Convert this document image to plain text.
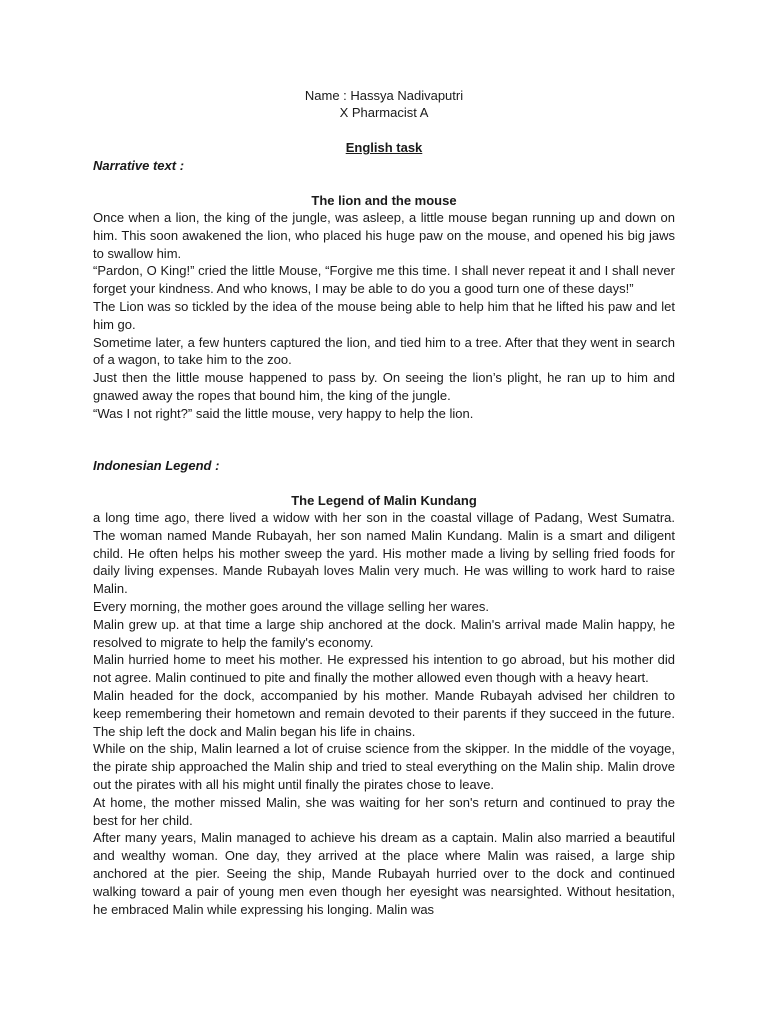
Name : Hassya Nadivaputri
X Pharmacist A
English task
Narrative text :
The lion and the mouse
Once when a lion, the king of the jungle, was asleep, a little mouse began running up and down on him. This soon awakened the lion, who placed his huge paw on the mouse, and opened his big jaws to swallow him.
“Pardon, O King!” cried the little Mouse, “Forgive me this time. I shall never repeat it and I shall never forget your kindness. And who knows, I may be able to do you a good turn one of these days!”
The Lion was so tickled by the idea of the mouse being able to help him that he lifted his paw and let him go.
Sometime later, a few hunters captured the lion, and tied him to a tree. After that they went in search of a wagon, to take him to the zoo.
Just then the little mouse happened to pass by. On seeing the lion’s plight, he ran up to him and gnawed away the ropes that bound him, the king of the jungle.
“Was I not right?” said the little mouse, very happy to help the lion.
Indonesian Legend :
The Legend of Malin Kundang
a long time ago, there lived a widow with her son in the coastal village of Padang, West Sumatra. The woman named Mande Rubayah, her son named Malin Kundang. Malin is a smart and diligent child. He often helps his mother sweep the yard. His mother made a living by selling fried foods for daily living expenses. Mande Rubayah loves Malin very much. He was willing to work hard to raise Malin.
Every morning, the mother goes around the village selling her wares.
Malin grew up. at that time a large ship anchored at the dock. Malin's arrival made Malin happy, he resolved to migrate to help the family's economy.
Malin hurried home to meet his mother. He expressed his intention to go abroad, but his mother did not agree. Malin continued to pite and finally the mother allowed even though with a heavy heart.
Malin headed for the dock, accompanied by his mother. Mande Rubayah advised her children to keep remembering their hometown and remain devoted to their parents if they succeed in the future. The ship left the dock and Malin began his life in chains.
While on the ship, Malin learned a lot of cruise science from the skipper. In the middle of the voyage, the pirate ship approached the Malin ship and tried to steal everything on the Malin ship. Malin drove out the pirates with all his might until finally the pirates chose to leave.
At home, the mother missed Malin, she was waiting for her son's return and continued to pray the best for her child.
After many years, Malin managed to achieve his dream as a captain. Malin also married a beautiful and wealthy woman. One day, they arrived at the place where Malin was raised, a large ship anchored at the pier. Seeing the ship, Mande Rubayah hurried over to the dock and continued walking toward a pair of young men even though her eyesight was nearsighted. Without hesitation, he embraced Malin while expressing his longing. Malin was
